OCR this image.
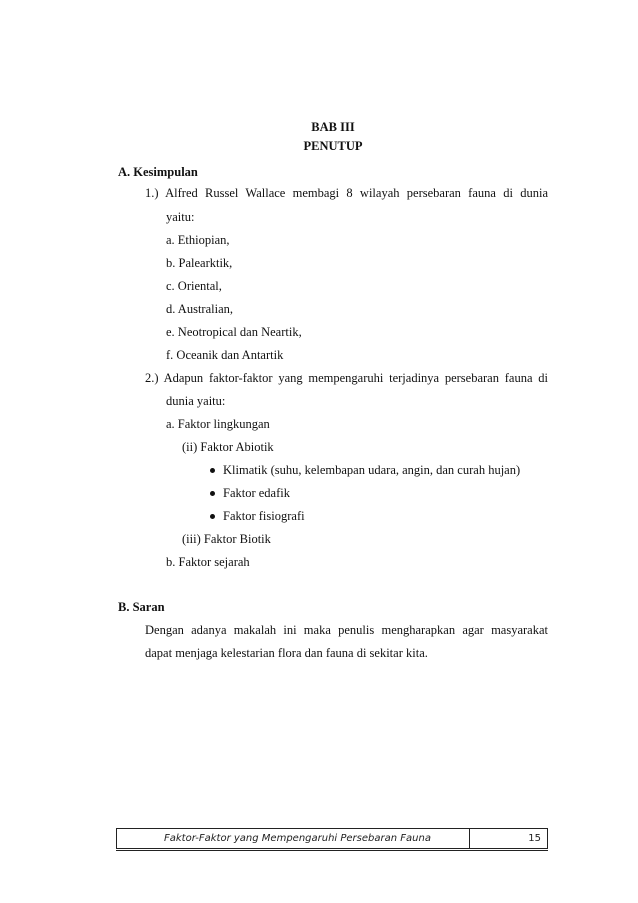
BAB III
PENUTUP
A. Kesimpulan
1.) Alfred Russel Wallace membagi 8 wilayah persebaran fauna di dunia
yaitu:
a. Ethiopian,
b. Palearktik,
c. Oriental,
d. Australian,
e. Neotropical dan Neartik,
f. Oceanik dan Antartik
2.) Adapun faktor-faktor yang mempengaruhi terjadinya persebaran fauna di
dunia yaitu:
a. Faktor lingkungan
(ii) Faktor Abiotik
Klimatik (suhu, kelembapan udara, angin, dan curah hujan)
Faktor edafik
Faktor fisiografi
(iii) Faktor Biotik
b. Faktor sejarah
B. Saran
Dengan adanya makalah ini maka penulis mengharapkan agar masyarakat
dapat menjaga kelestarian flora dan fauna di sekitar kita.
Faktor-Faktor yang Mempengaruhi Persebaran Fauna	15
